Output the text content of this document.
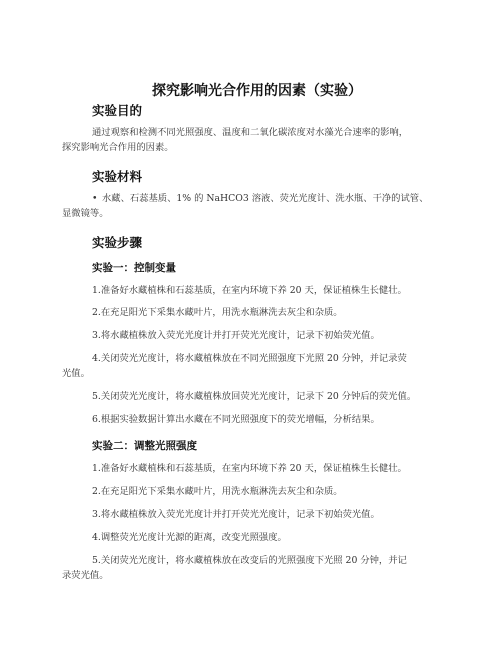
探究影响光合作用的因素（实验）
实验目的
通过观察和检测不同光照强度、温度和二氧化碳浓度对水藻光合速率的影响，
探究影响光合作用的因素。
实验材料
• 水藏、石蕊基质、1% 的 NaHCO3 溶液、荧光光度计、洗水瓶、干净的试管、
显微镜等。
实验步骤
实验一：控制变量
1.准备好水藏植株和石蕊基质，在室内环境下养 20 天，保证植株生长健壮。
2.在充足阳光下采集水藏叶片，用洗水瓶淋洗去灰尘和杂质。
3.将水藏植株放入荧光光度计并打开荧光光度计，记录下初始荧光值。
4.关闭荧光光度计，将水藏植株放在不同光照强度下光照 20 分钟，并记录荧
光值。
5.关闭荧光光度计，将水藏植株放回荧光光度计，记录下 20 分钟后的荧光值。
6.根据实验数据计算出水藏在不同光照强度下的荧光增幅，分析结果。
实验二：调整光照强度
1.准备好水藏植株和石蕊基质，在室内环境下养 20 天，保证植株生长健壮。
2.在充足阳光下采集水藏叶片，用洗水瓶淋洗去灰尘和杂质。
3.将水藏植株放入荧光光度计并打开荧光光度计，记录下初始荧光值。
4.调整荧光光度计光源的距离，改变光照强度。
5.关闭荧光光度计，将水藏植株放在改变后的光照强度下光照 20 分钟，并记
录荧光值。
